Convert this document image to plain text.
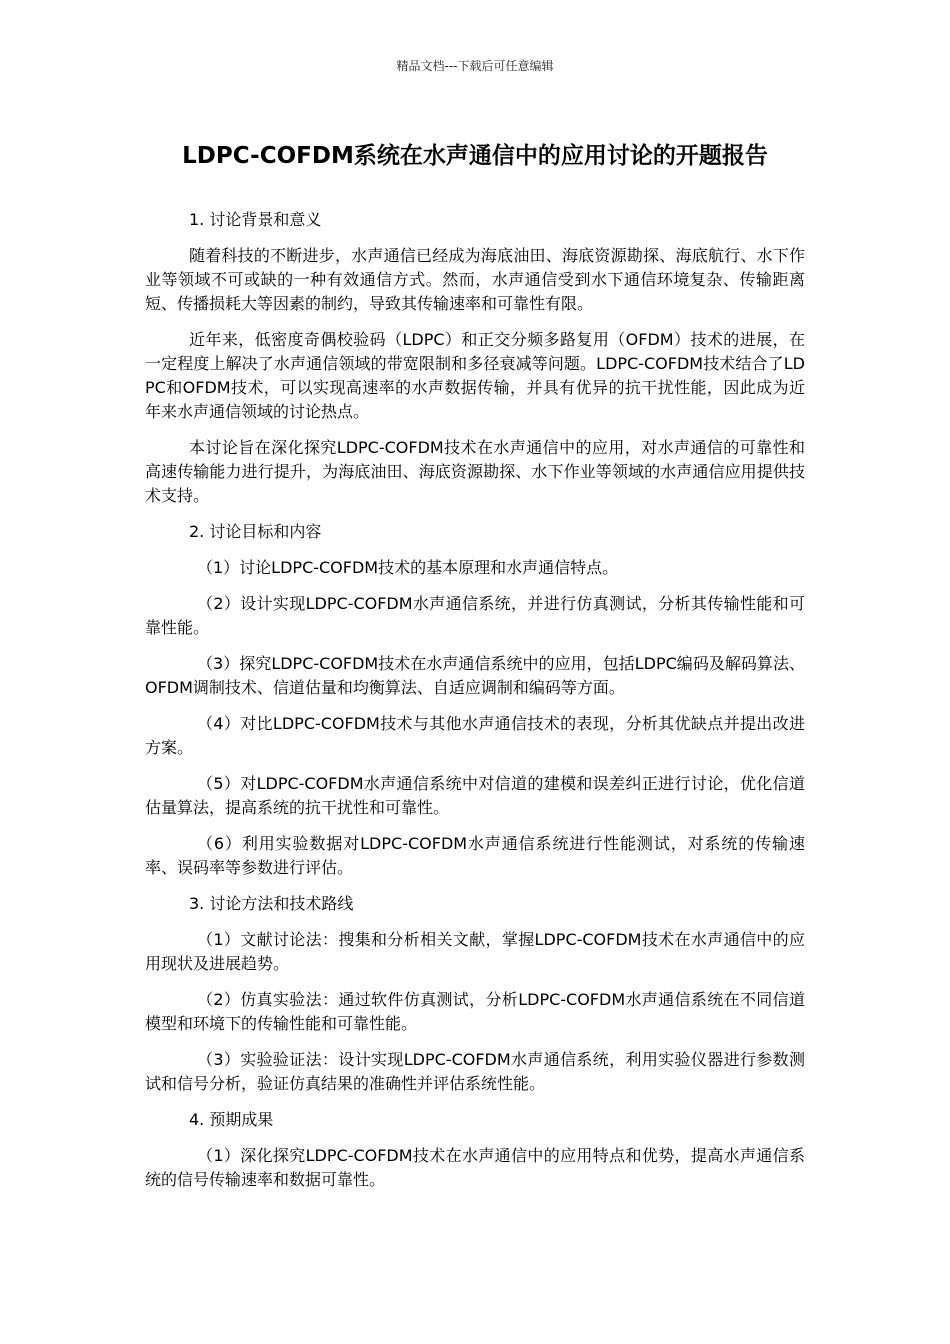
精品文档---下载后可任意编辑
LDPC-COFDM系统在水声通信中的应用讨论的开题报告
1. 讨论背景和意义

随着科技的不断进步，水声通信已经成为海底油田、海底资源勘探、海底航行、水下作业等领域不可或缺的一种有效通信方式。然而，水声通信受到水下通信环境复杂、传输距离短、传播损耗大等因素的制约，导致其传输速率和可靠性有限。

近年来，低密度奇偶校验码（LDPC）和正交分频多路复用（OFDM）技术的进展，在一定程度上解决了水声通信领域的带宽限制和多径衰减等问题。LDPC-COFDM技术结合了LDPC和OFDM技术，可以实现高速率的水声数据传输，并具有优异的抗干扰性能，因此成为近年来水声通信领域的讨论热点。

本讨论旨在深化探究LDPC-COFDM技术在水声通信中的应用，对水声通信的可靠性和高速传输能力进行提升，为海底油田、海底资源勘探、水下作业等领域的水声通信应用提供技术支持。

2. 讨论目标和内容

（1）讨论LDPC-COFDM技术的基本原理和水声通信特点。

（2）设计实现LDPC-COFDM水声通信系统，并进行仿真测试，分析其传输性能和可靠性能。

（3）探究LDPC-COFDM技术在水声通信系统中的应用，包括LDPC编码及解码算法、OFDM调制技术、信道估量和均衡算法、自适应调制和编码等方面。

（4）对比LDPC-COFDM技术与其他水声通信技术的表现，分析其优缺点并提出改进方案。

（5）对LDPC-COFDM水声通信系统中对信道的建模和误差纠正进行讨论，优化信道估量算法，提高系统的抗干扰性和可靠性。

（6）利用实验数据对LDPC-COFDM水声通信系统进行性能测试，对系统的传输速率、误码率等参数进行评估。

3. 讨论方法和技术路线

（1）文献讨论法：搜集和分析相关文献，掌握LDPC-COFDM技术在水声通信中的应用现状及进展趋势。

（2）仿真实验法：通过软件仿真测试，分析LDPC-COFDM水声通信系统在不同信道模型和环境下的传输性能和可靠性能。

（3）实验验证法：设计实现LDPC-COFDM水声通信系统，利用实验仪器进行参数测试和信号分析，验证仿真结果的准确性并评估系统性能。

4. 预期成果

（1）深化探究LDPC-COFDM技术在水声通信中的应用特点和优势，提高水声通信系统的信号传输速率和数据可靠性。
